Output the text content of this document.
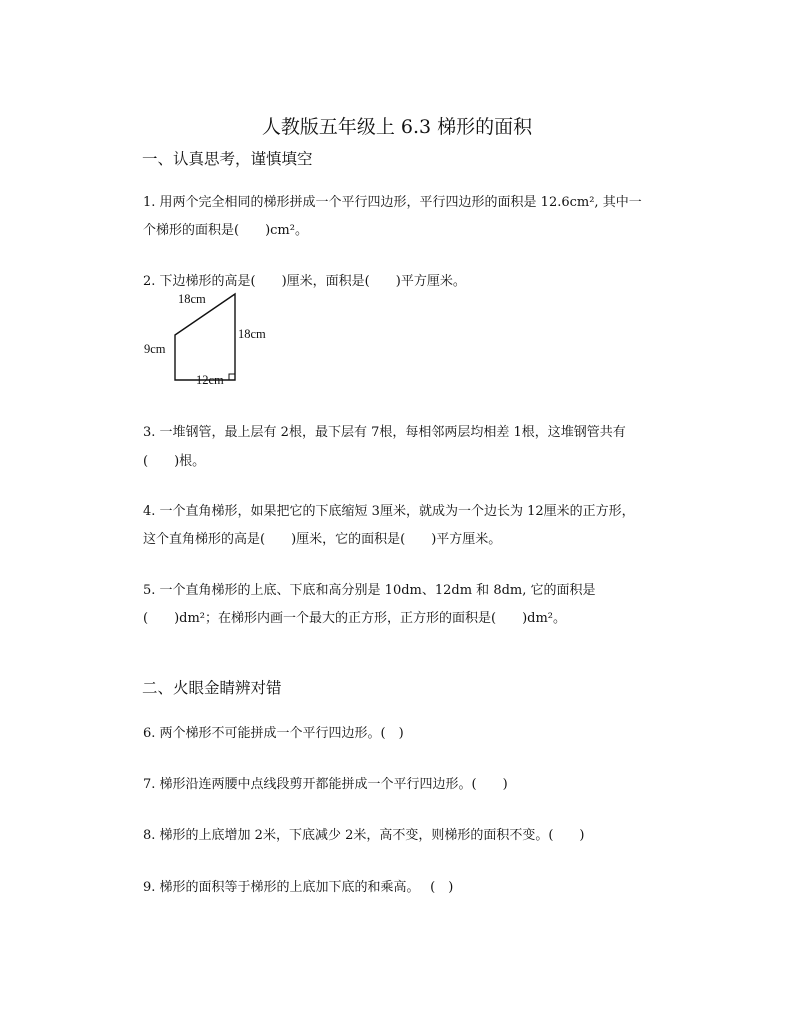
人教版五年级上 6.3 梯形的面积
一、认真思考，谨慎填空
1. 用两个完全相同的梯形拼成一个平行四边形，平行四边形的面积是 12.6cm², 其中一
个梯形的面积是(　　)cm²。
2. 下边梯形的高是(　　)厘米，面积是(　　)平方厘米。
18cm
18cm
9cm
12cm
3. 一堆钢管，最上层有 2根，最下层有 7根，每相邻两层均相差 1根，这堆钢管共有
(　　)根。
4. 一个直角梯形，如果把它的下底缩短 3厘米，就成为一个边长为 12厘米的正方形，
这个直角梯形的高是(　　)厘米，它的面积是(　　)平方厘米。
5. 一个直角梯形的上底、下底和高分别是 10dm、12dm 和 8dm, 它的面积是
(　　)dm²；在梯形内画一个最大的正方形，正方形的面积是(　　)dm²。
二、火眼金睛辨对错
6. 两个梯形不可能拼成一个平行四边形。(　)
7. 梯形沿连两腰中点线段剪开都能拼成一个平行四边形。(　　)
8. 梯形的上底增加 2米，下底减少 2米，高不变，则梯形的面积不变。(　　)
9. 梯形的面积等于梯形的上底加下底的和乘高。　 (　)
